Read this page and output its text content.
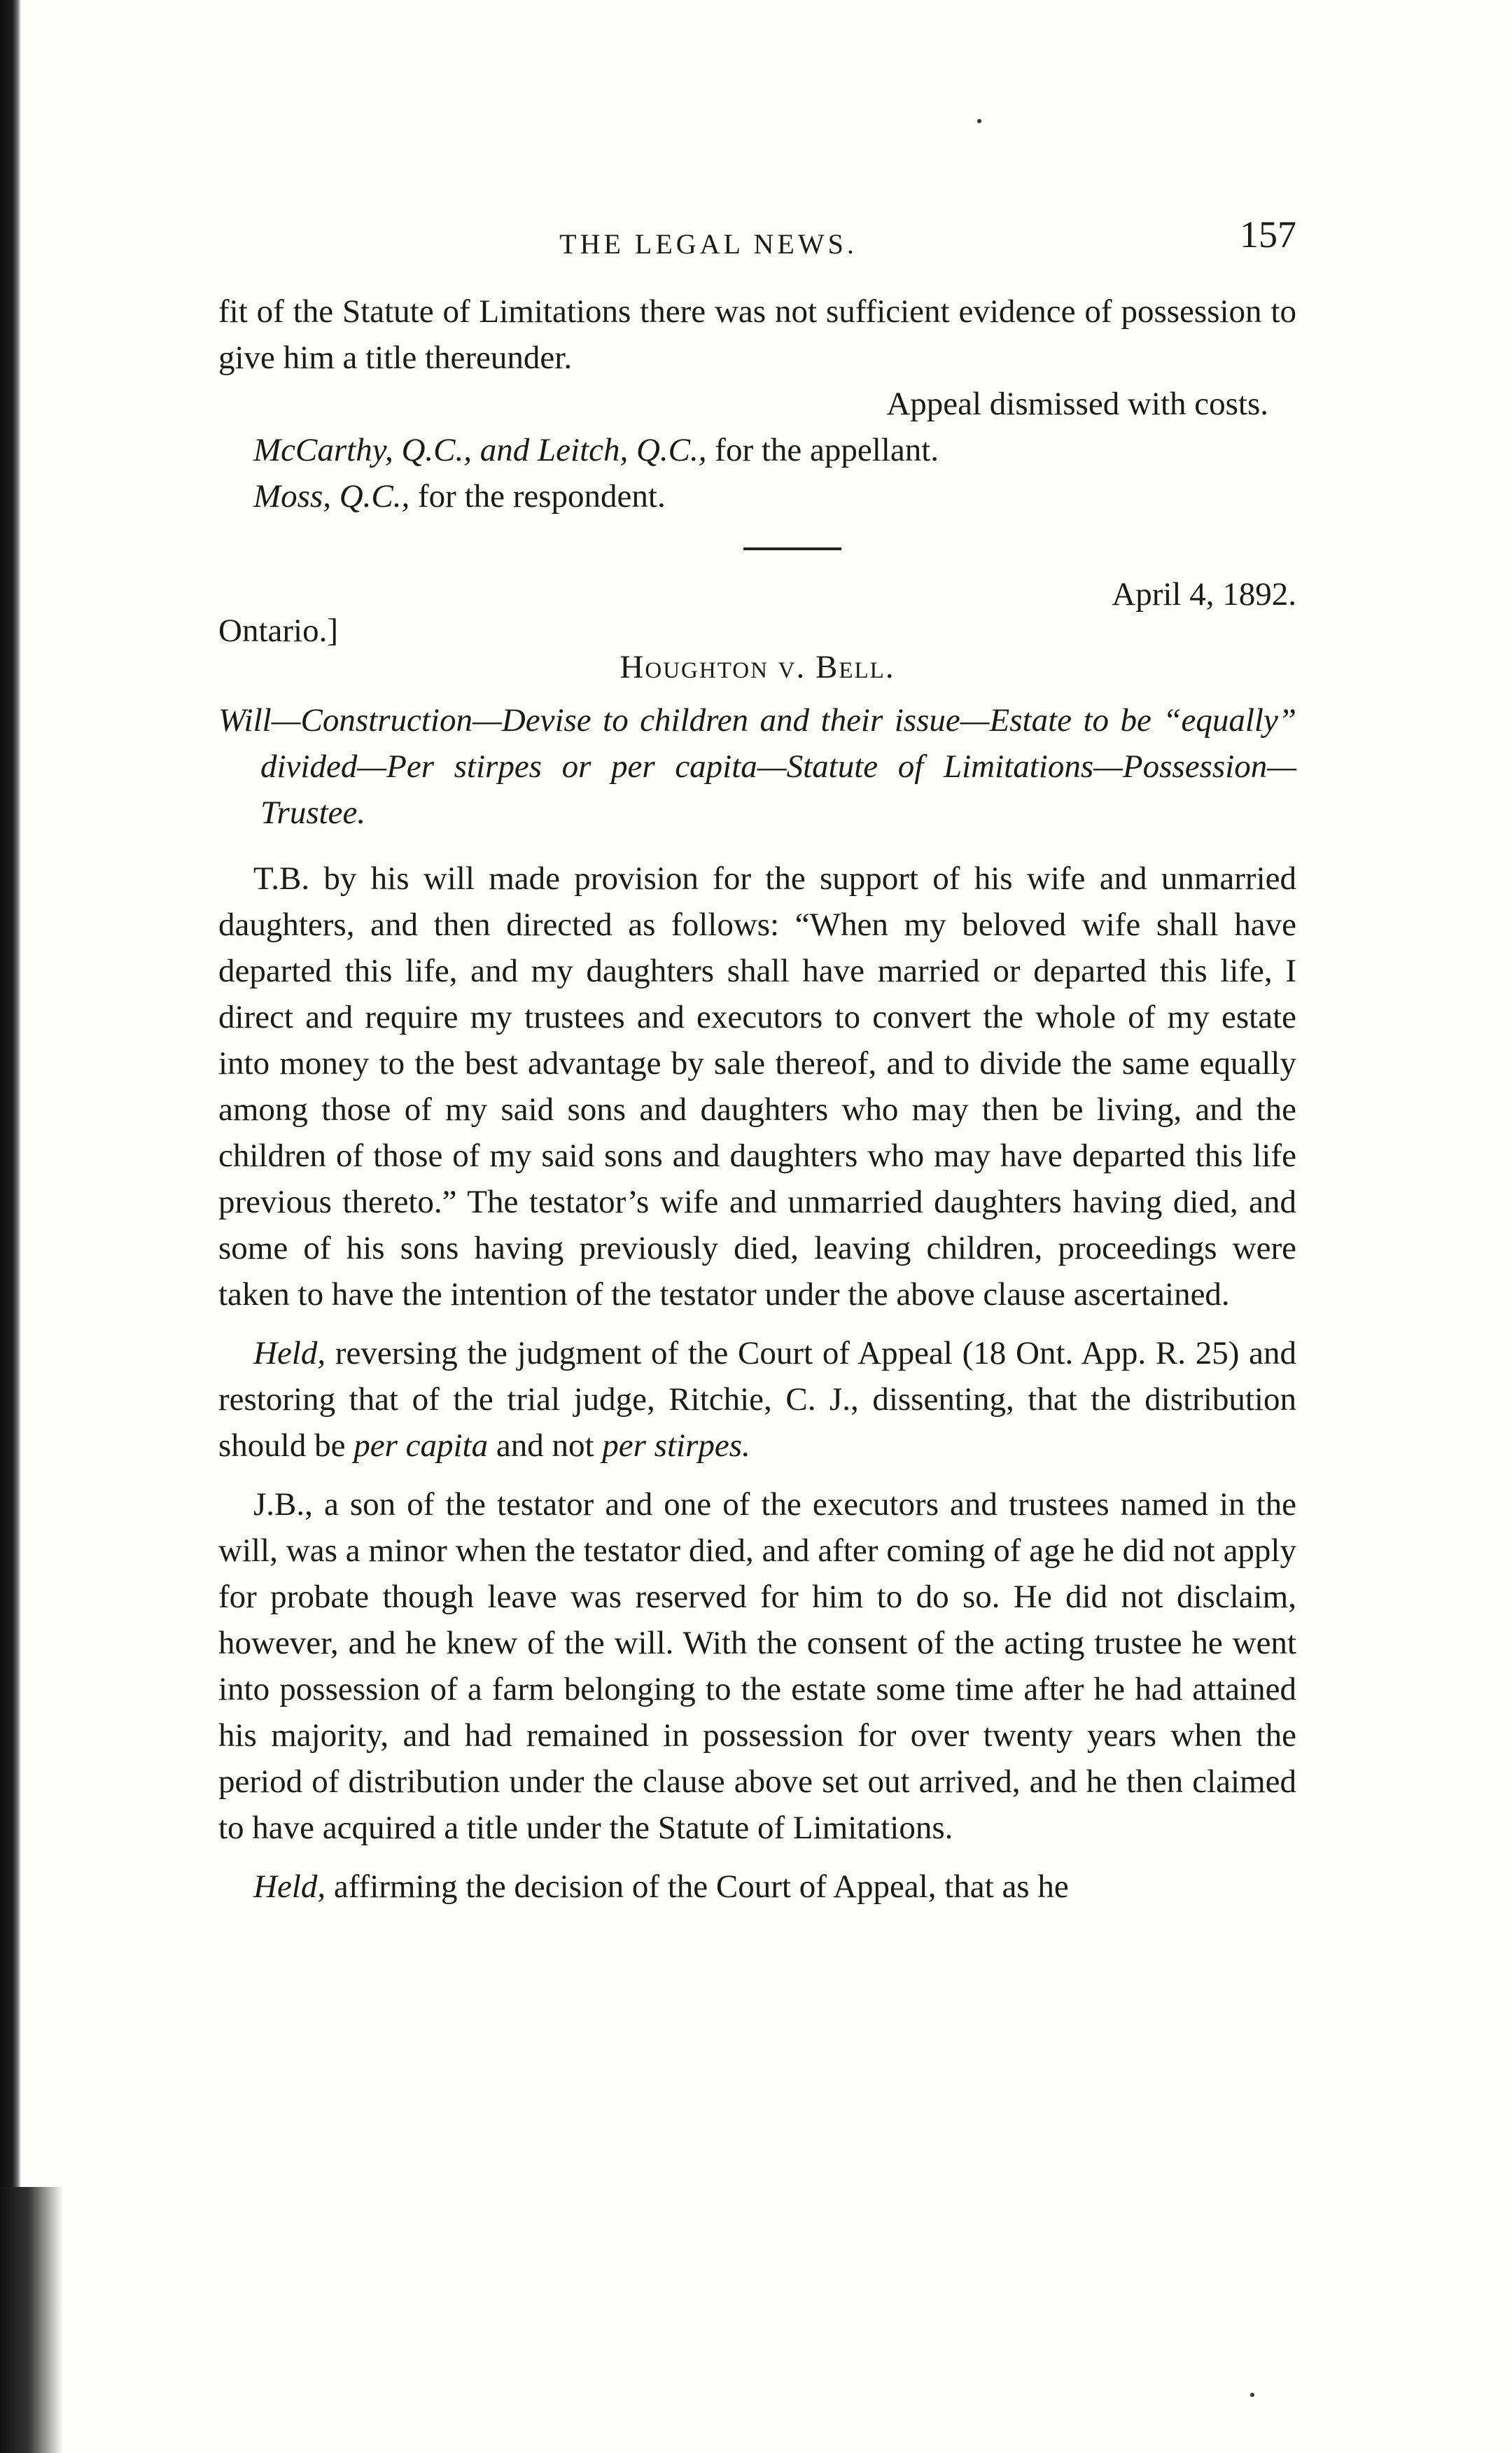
THE LEGAL NEWS.	157

fit of the Statute of Limitations there was not sufficient evidence of possession to give him a title thereunder.

Appeal dismissed with costs.

McCarthy, Q.C., and Leitch, Q.C., for the appellant.

Moss, Q.C., for the respondent.

April 4, 1892.
Ontario.]
Houghton v. Bell.

Will—Construction—Devise to children and their issue—Estate to be “equally” divided—Per stirpes or per capita—Statute of Limitations—Possession—Trustee.

T.B. by his will made provision for the support of his wife and unmarried daughters, and then directed as follows: “When my beloved wife shall have departed this life, and my daughters shall have married or departed this life, I direct and require my trustees and executors to convert the whole of my estate into money to the best advantage by sale thereof, and to divide the same equally among those of my said sons and daughters who may then be living, and the children of those of my said sons and daughters who may have departed this life previous thereto.” The testator’s wife and unmarried daughters having died, and some of his sons having previously died, leaving children, proceedings were taken to have the intention of the testator under the above clause ascertained.

Held, reversing the judgment of the Court of Appeal (18 Ont. App. R. 25) and restoring that of the trial judge, Ritchie, C. J., dissenting, that the distribution should be per capita and not per stirpes.

J.B., a son of the testator and one of the executors and trustees named in the will, was a minor when the testator died, and after coming of age he did not apply for probate though leave was reserved for him to do so. He did not disclaim, however, and he knew of the will. With the consent of the acting trustee he went into possession of a farm belonging to the estate some time after he had attained his majority, and had remained in possession for over twenty years when the period of distribution under the clause above set out arrived, and he then claimed to have acquired a title under the Statute of Limitations.

Held, affirming the decision of the Court of Appeal, that as he
